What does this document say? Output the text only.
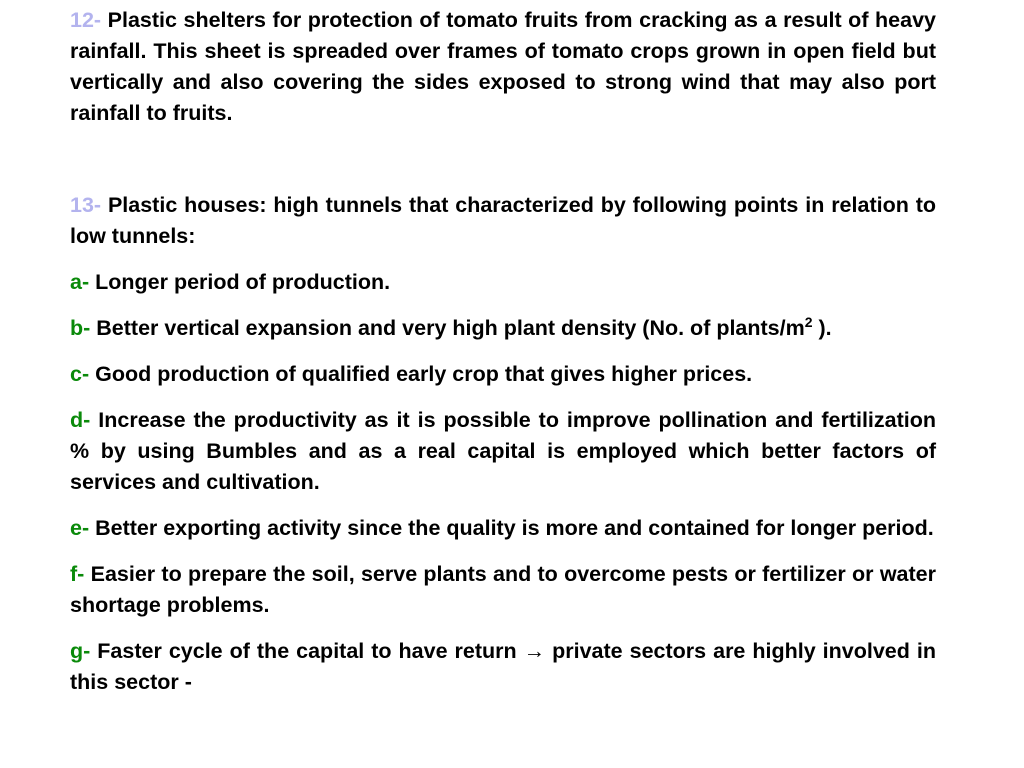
12- Plastic shelters for protection of tomato fruits from cracking as a result of heavy rainfall. This sheet is spreaded over frames of tomato crops grown in open field but vertically and also covering the sides exposed to strong wind that may also port rainfall to fruits.

13- Plastic houses: high tunnels that characterized by following points in relation to low tunnels:

a- Longer period of production.

b- Better vertical expansion and very high plant density (No. of plants/$m^2$ ).

c- Good production of qualified early crop that gives higher prices.

d- Increase the productivity as it is possible to improve pollination and fertilization % by using Bumbles and as a real capital is employed which better factors of services and cultivation.

e- Better exporting activity since the quality is more and contained for longer period.

f- Easier to prepare the soil, serve plants and to overcome pests or fertilizer or water shortage problems.

g- Faster cycle of the capital to have return → private sectors are highly involved in this sector -
